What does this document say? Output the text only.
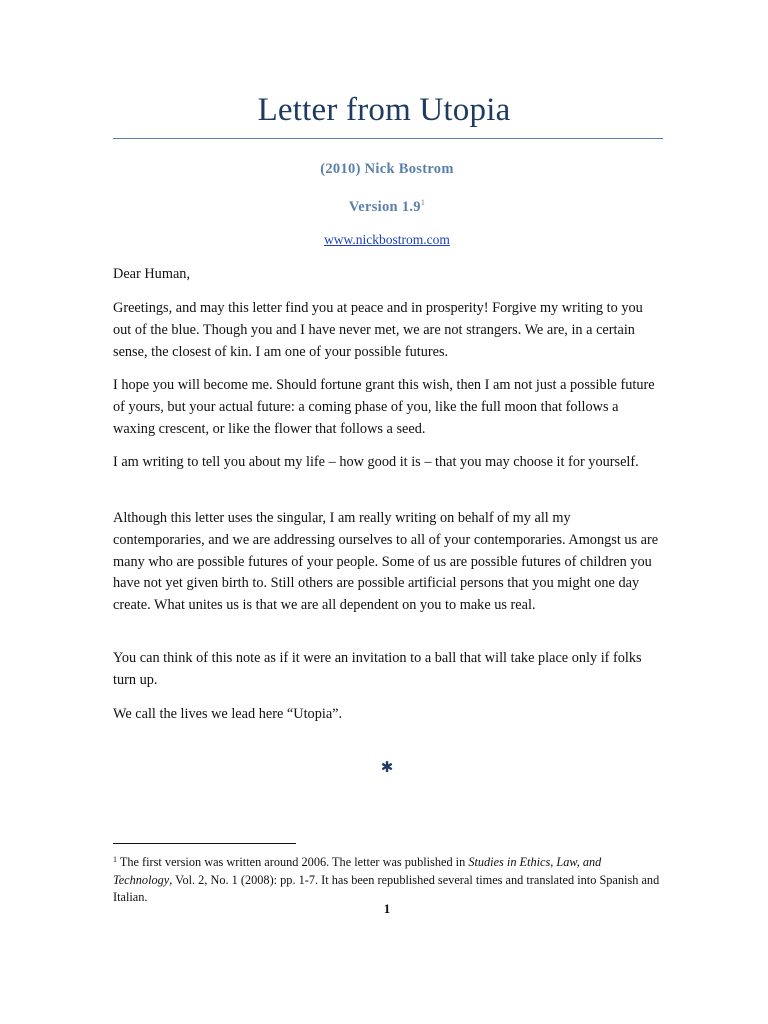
Letter from Utopia
(2010) Nick Bostrom
Version $1.9^1$
www.nickbostrom.com

Dear Human,

Greetings, and may this letter find you at peace and in prosperity! Forgive my writing to you out of the blue. Though you and I have never met, we are not strangers. We are, in a certain sense, the closest of kin. I am one of your possible futures.

I hope you will become me. Should fortune grant this wish, then I am not just a possible future of yours, but your actual future: a coming phase of you, like the full moon that follows a waxing crescent, or like the flower that follows a seed.

I am writing to tell you about my life – how good it is – that you may choose it for yourself.

Although this letter uses the singular, I am really writing on behalf of my all my contemporaries, and we are addressing ourselves to all of your contemporaries. Amongst us are many who are possible futures of your people. Some of us are possible futures of children you have not yet given birth to. Still others are possible artificial persons that you might one day create. What unites us is that we are all dependent on you to make us real.

You can think of this note as if it were an invitation to a ball that will take place only if folks turn up.

We call the lives we lead here “Utopia”.

✱
$^1$ The first version was written around 2006. The letter was published in Studies in Ethics, Law, and Technology, Vol. 2, No. 1 (2008): pp. 1-7. It has been republished several times and translated into Spanish and Italian.
1
